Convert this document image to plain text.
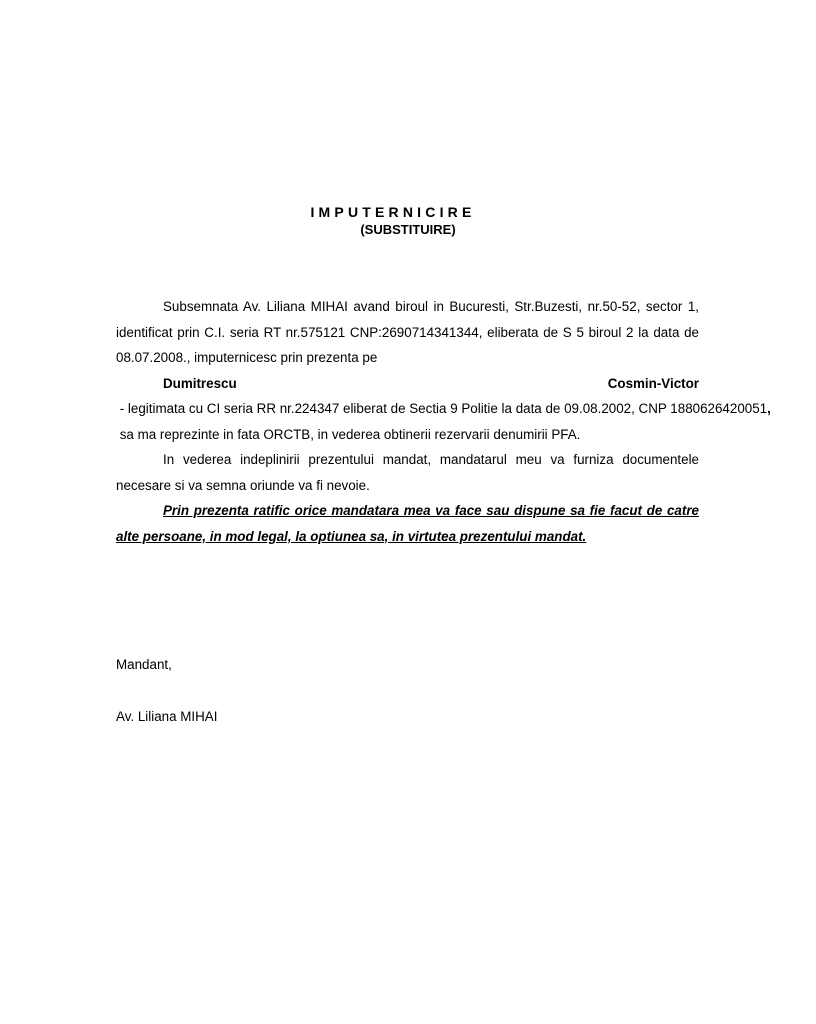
IMPUTERNICIRE
(SUBSTITUIRE)

Subsemnata Av. Liliana MIHAI avand biroul in Bucuresti, Str.Buzesti, nr.50-52, sector 1, identificat prin C.I. seria RT nr.575121 CNP:2690714341344, eliberata de S 5 biroul 2 la data de 08.07.2008., imputernicesc prin prezenta pe

Dumitrescu Cosmin-Victor - legitimata cu CI seria RR nr.224347 eliberat de Sectia 9 Politie la data de 09.08.2002, CNP 1880626420051,

sa ma reprezinte in fata ORCTB, in vederea obtinerii rezervarii denumirii PFA.

In vederea indeplinirii prezentului mandat, mandatarul meu va furniza documentele necesare si va semna oriunde va fi nevoie.

Prin prezenta ratific orice mandatara mea va face sau dispune sa fie facut de catre alte persoane, in mod legal, la optiunea sa, in virtutea prezentului mandat.

Mandant,
Av. Liliana MIHAI
